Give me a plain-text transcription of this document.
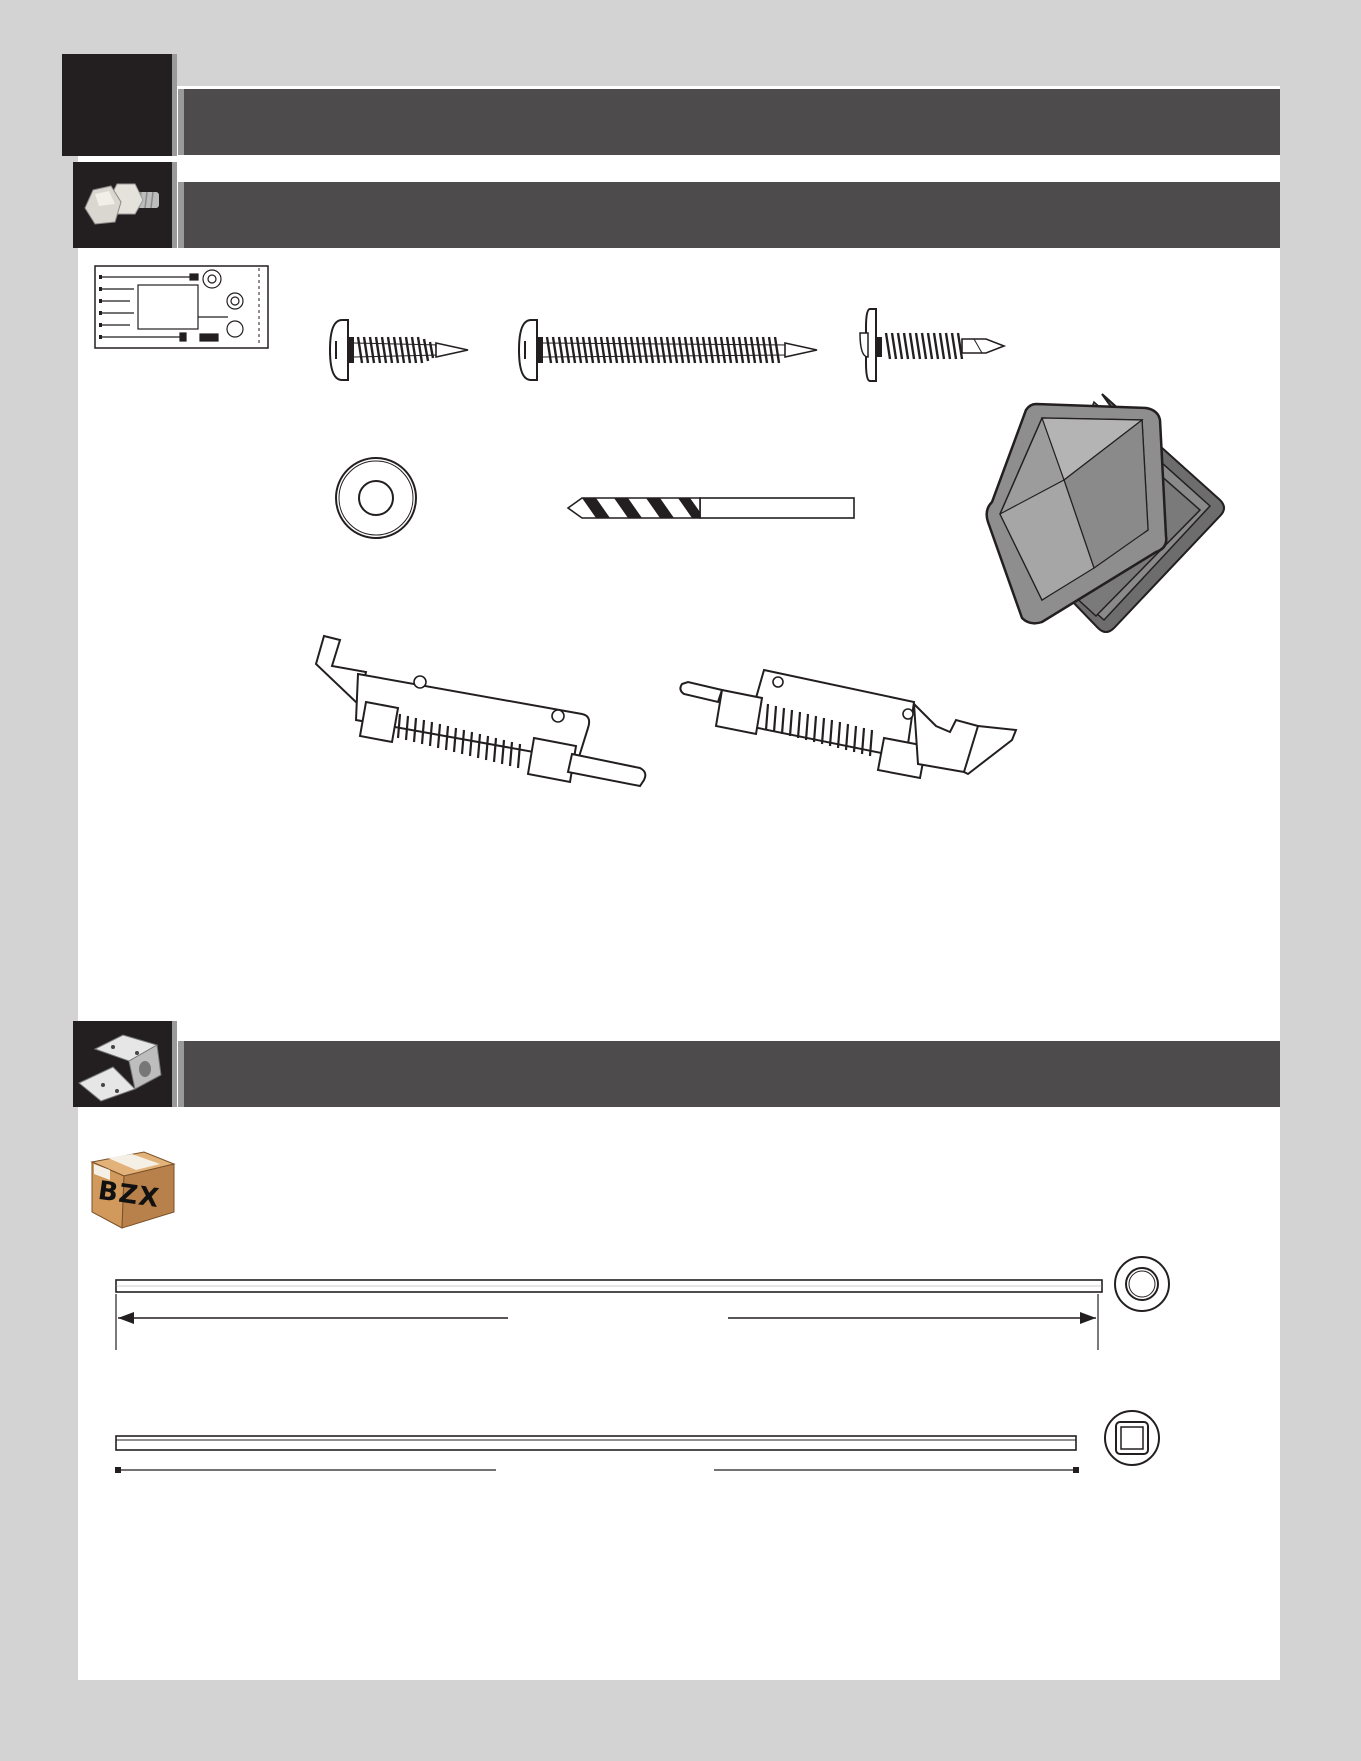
BZX
